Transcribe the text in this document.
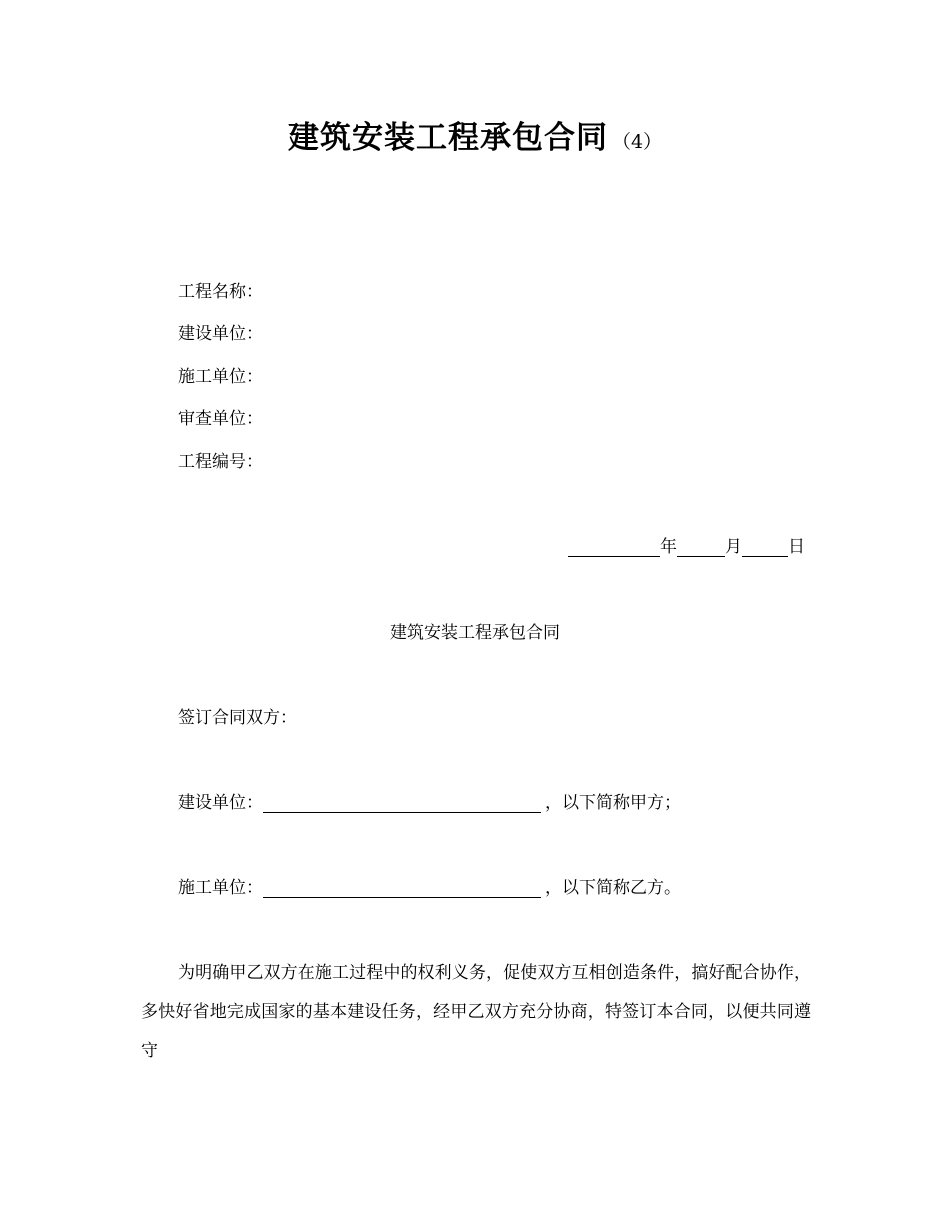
建筑安装工程承包合同 （4）
工程名称：
建设单位：
施工单位：
审查单位：
工程编号：
年	月	日
建筑安装工程承包合同
签订合同双方：
建设单位：	，以下简称甲方；
施工单位：	，以下简称乙方。
为明确甲乙双方在施工过程中的权利义务，促使双方互相创造条件，搞好配合协作，多快好省地完成国家的基本建设任务，经甲乙双方充分协商，特签订本合同，以便共同遵守
